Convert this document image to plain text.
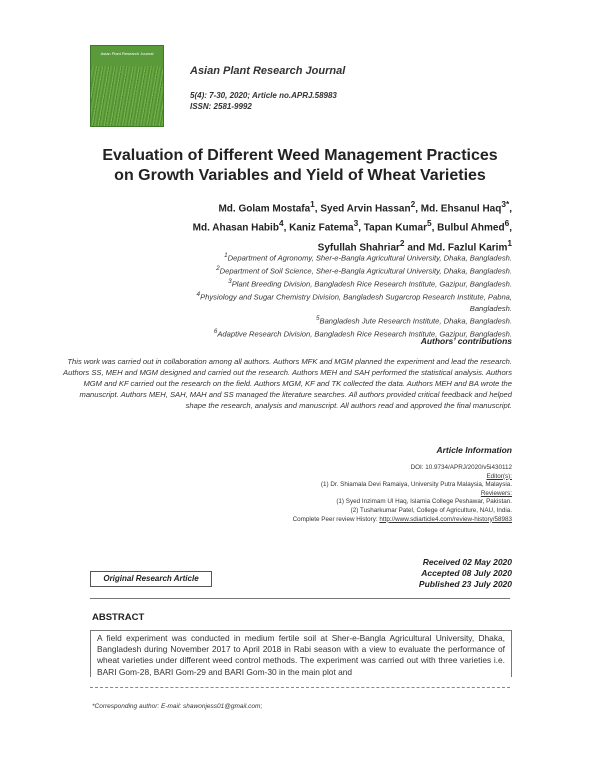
Asian Plant Research Journal
Asian Plant Research Journal
5(4): 7-30, 2020; Article no.APRJ.58983
ISSN: 2581-9992
Evaluation of Different Weed Management Practices
on Growth Variables and Yield of Wheat Varieties
Md. Golam Mostafa$^1$, Syed Arvin Hassan$^2$, Md. Ehsanul Haq$^{3*}$,
Md. Ahasan Habib$^4$, Kaniz Fatema$^3$, Tapan Kumar$^5$, Bulbul Ahmed$^6$,
Syfullah Shahriar$^2$ and Md. Fazlul Karim$^1$
$^1$Department of Agronomy, Sher-e-Bangla Agricultural University, Dhaka, Bangladesh.
$^2$Department of Soil Science, Sher-e-Bangla Agricultural University, Dhaka, Bangladesh.
$^3$Plant Breeding Division, Bangladesh Rice Research Institute, Gazipur, Bangladesh.
$^4$Physiology and Sugar Chemistry Division, Bangladesh Sugarcrop Research Institute, Pabna,
Bangladesh.
$^5$Bangladesh Jute Research Institute, Dhaka, Bangladesh.
$^6$Adaptive Research Division, Bangladesh Rice Research Institute, Gazipur, Bangladesh.
Authors’ contributions
This work was carried out in collaboration among all authors. Authors MFK and MGM planned the experiment and lead the research. Authors SS, MEH and MGM designed and carried out the research. Authors MEH and SAH performed the statistical analysis. Authors MGM and KF carried out the research on the field. Authors MGM, KF and TK collected the data. Authors MEH and BA wrote the manuscript. Authors MEH, SAH, MAH and SS managed the literature searches. All authors provided critical feedback and helped shape the research, analysis and manuscript. All authors read and approved the final manuscript.
Article Information
DOI: 10.9734/APRJ/2020/v5i430112
Editor(s):
(1) Dr. Shiamala Devi Ramaiya, University Putra Malaysia, Malaysia.
Reviewers:
(1) Syed Inzimam Ul Haq, Islamia College Peshawar, Pakistan.
(2) Tusharkumar Patel, College of Agriculture, NAU, India.
Complete Peer review History: http://www.sdiarticle4.com/review-history/58983
Received 02 May 2020
Accepted 08 July 2020
Published 23 July 2020
Original Research Article
ABSTRACT
A field experiment was conducted in medium fertile soil at Sher-e-Bangla Agricultural University, Dhaka, Bangladesh during November 2017 to April 2018 in Rabi season with a view to evaluate the performance of wheat varieties under different weed control methods. The experiment was carried out with three varieties i.e. BARI Gom-28, BARI Gom-29 and BARI Gom-30 in the main plot and
*Corresponding author: E-mail: shawonjess01@gmail.com;
